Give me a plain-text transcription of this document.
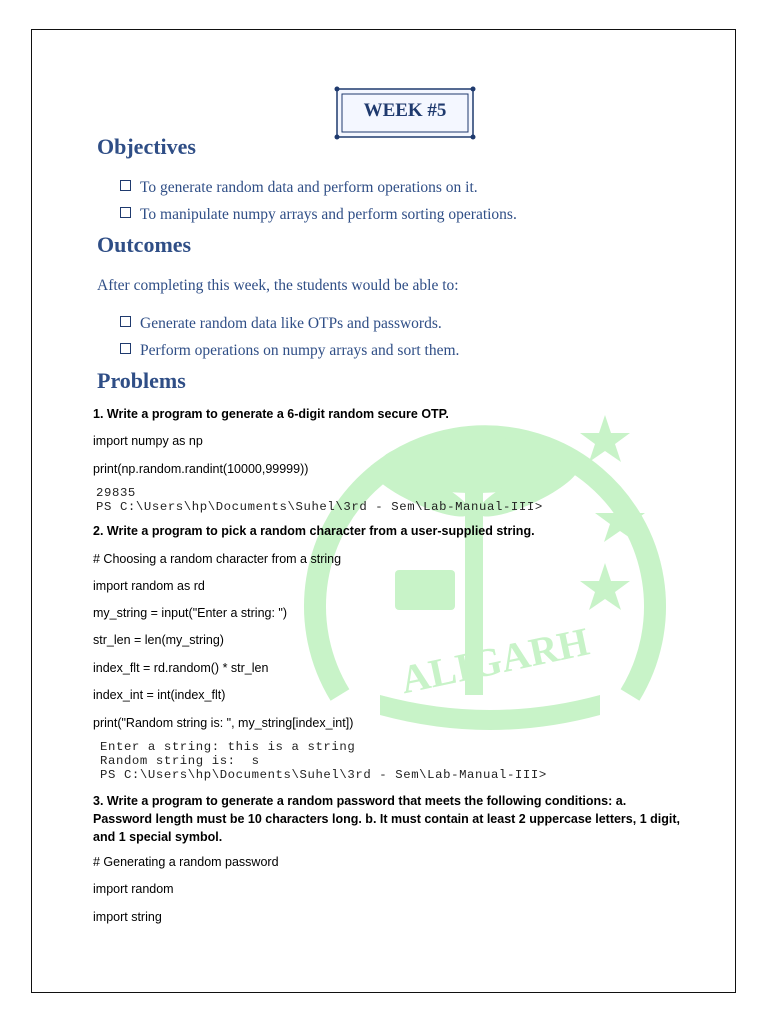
ALIGARH
WEEK #5
Objectives
To generate random data and perform operations on it.
To manipulate numpy arrays and perform sorting operations.
Outcomes
After completing this week, the students would be able to:
Generate random data like OTPs and passwords.
Perform operations on numpy arrays and sort them.
Problems
1. Write a program to generate a 6-digit random secure OTP.
import numpy as np
print(np.random.randint(10000,99999))
29835
PS C:\Users\hp\Documents\Suhel\3rd - Sem\Lab-Manual-III>
2. Write a program to pick a random character from a user-supplied string.
# Choosing a random character from a string
import random as rd
my_string = input("Enter a string: ")
str_len = len(my_string)
index_flt = rd.random() * str_len
index_int = int(index_flt)
print("Random string is: ", my_string[index_int])
Enter a string: this is a string
Random string is:  s
PS C:\Users\hp\Documents\Suhel\3rd - Sem\Lab-Manual-III>
3. Write a program to generate a random password that meets the following conditions: a. Password length must be 10 characters long. b. It must contain at least 2 uppercase letters, 1 digit, and 1 special symbol.
# Generating a random password
import random
import string
